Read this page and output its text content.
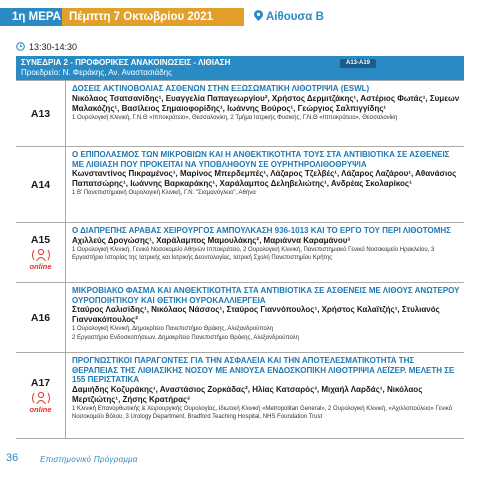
1η ΜΕΡΑ Πέμπτη 7 Οκτωβρίου 2021	Αίθουσα Β
13:30-14:30
ΣΥΝΕΔΡΙΑ 2 - ΠΡΟΦΟΡΙΚΕΣ ΑΝΑΚΟΙΝΩΣΕΙΣ - ΛΙΘΙΑΣΗ
Προεδρείο: Ν. Φεράκης, Αν. Αναστασιάδης
A13-A19
A13
ΔΟΣΕΙΣ ΑΚΤΙΝΟΒΟΛΙΑΣ ΑΣΘΕΝΩΝ ΣΤΗΝ ΕΞΩΣΩΜΑΤΙΚΗ ΛΙΘΟΤΡΙΨΙΑ (ESWL)
Νικόλαος Τσατσανίδης¹, Ευαγγελία Παπαγεωργίου², Χρήστος Δερμιτζάκης¹, Αστέριος Φωτάς¹, Συμεων Μαλακόζης¹, Βασίλειος Σημαιοφορίδης¹, Ιωάννης Βούρος¹, Γεώργιος Σαλπιγγίδης¹
1 Ουρολογική Κλινική, Γ.Ν.Θ «Ιπποκράτειο», Θεσσαλονίκη, 2 Τμήμα Ιατρικής Φυσικής, Γ.Ν.Θ «Ιπποκράτειο», Θεσσαλονίκη
A14
Ο ΕΠΙΠΟΛΑΣΜΟΣ ΤΩΝ ΜΙΚΡΟΒΙΩΝ ΚΑΙ Η ΑΝΘΕΚΤΙΚΟΤΗΤΑ ΤΟΥΣ ΣΤΑ ΑΝΤΙΒΙΟΤΙΚΑ ΣΕ ΑΣΘΕΝΕΙΣ ΜΕ ΛΙΘΙΑΣΗ ΠΟΥ ΠΡΟΚΕΙΤΑΙ ΝΑ ΥΠΟΒΛΗΘΟΥΝ ΣΕ ΟΥΡΗΤΗΡΟΛΙΘΟΘΡΥΨΙΑ
Κωνσταντίνος Πικραμένος¹, Μαρίνος Μπερδεμπές¹, Λάζαρος Τζελβές¹, Λάζαρος Λαζάρου¹, Αθανάσιος Παπατσώρης¹, Ιωάννης Βαρκαράκης¹, Χαράλαμπος Δεληβελιώτης¹, Ανδρέας Σκολαρίκος¹
1 Β' Πανεπιστημιακή Ουρολογική Κλινική, Γ.Ν. "Σισμανόγλειο", Αθήνα
A15
online
Ο ΔΙΑΠΡΕΠΗΣ ΑΡΑΒΑΣ ΧΕΙΡΟΥΡΓΟΣ ΑΜΠΟΥΛΚΑΣΗ 936-1013 ΚΑΙ ΤΟ ΕΡΓΟ ΤΟΥ ΠΕΡΙ ΛΙΘΟΤΟΜΗΣ
Αχιλλεύς Δρογώσης¹, Χαράλαμπος Μαμουλάκης², Μαριάννα Καραμάνου³
1 Ουρολογική Κλινική, Γενικό Νοσοκομείο Αθηνών Ιπποκράτειο, 2 Ουρολογική Κλινική, Πανεπιστημιακό Γενικό Νοσοκομείο Ηρακλείου, 3 Εργαστήριο Ιστορίας της Ιατρικής και Ιατρικής Δεοντολογίας, Ιατρική Σχολή Πανεπιστημίου Κρήτης
A16
ΜΙΚΡΟΒΙΑΚΟ ΦΑΣΜΑ ΚΑΙ ΑΝΘΕΚΤΙΚΟΤΗΤΑ ΣΤΑ ΑΝΤΙΒΙΟΤΙΚΑ ΣΕ ΑΣΘΕΝΕΙΣ ΜΕ ΛΙΘΟΥΣ ΑΝΩΤΕΡΟΥ ΟΥΡΟΠΟΙΗΤΙΚΟΥ ΚΑΙ ΘΕΤΙΚΗ ΟΥΡΟΚΑΛΛΙΕΡΓΕΙΑ
Σταύρος Λαλισίδης¹, Νικόλαος Νάσσος¹, Σταύρος Γιαννόπουλος¹, Χρήστος Καλαϊτζής¹, Στυλιανός Γιαννακόπουλος²
1 Ουρολογική Κλινική, Δημοκρίτειο Πανεπιστήμιο Θράκης, Αλεξανδρούπολη
2 Εργαστήριο Ενδοσκοπήσεων, Δημοκρίτειο Πανεπιστήμιο Θράκης, Αλεξανδρούπολη
A17
online
ΠΡΟΓΝΩΣΤΙΚΟΙ ΠΑΡΑΓΟΝΤΕΣ ΓΙΑ ΤΗΝ ΑΣΦΑΛΕΙΑ ΚΑΙ ΤΗΝ ΑΠΟΤΕΛΕΣΜΑΤΙΚΟΤΗΤΑ ΤΗΣ ΘΕΡΑΠΕΙΑΣ ΤΗΣ ΛΙΘΙΑΣΙΚΗΣ ΝΟΣΟΥ ΜΕ ΑΝΙΟΥΣΑ ΕΝΔΟΣΚΟΠΙΚΗ ΛΙΘΟΤΡΙΨΙΑ ΛΕΪΖΕΡ. ΜΕΛΕΤΗ ΣΕ 155 ΠΕΡΙΣΤΑΤΙΚΑ
Δαμιήδης Κοζυράκης¹, Αναστάσιος Ζορκάδας², Ηλίας Κατσαρός³, Μιχαήλ Λαρδάς¹, Νικόλαος Μερτζιώτης¹, Ζήσης Κρατήρας³
1 Κλινική Επανορθωτικής & Χειρουργικής Ουρολογίας, Ιδιωτική Κλινική «Metropolitan General», 2 Ουρολογική Κλινική, «Αχιλλοπούλειο» Γενικό Νοσοκομείο Βόλου, 3 Urology Department, Bradford Teaching Hospital, NHS Foundation Trust
36	Επιστημονικό Πρόγραμμα
